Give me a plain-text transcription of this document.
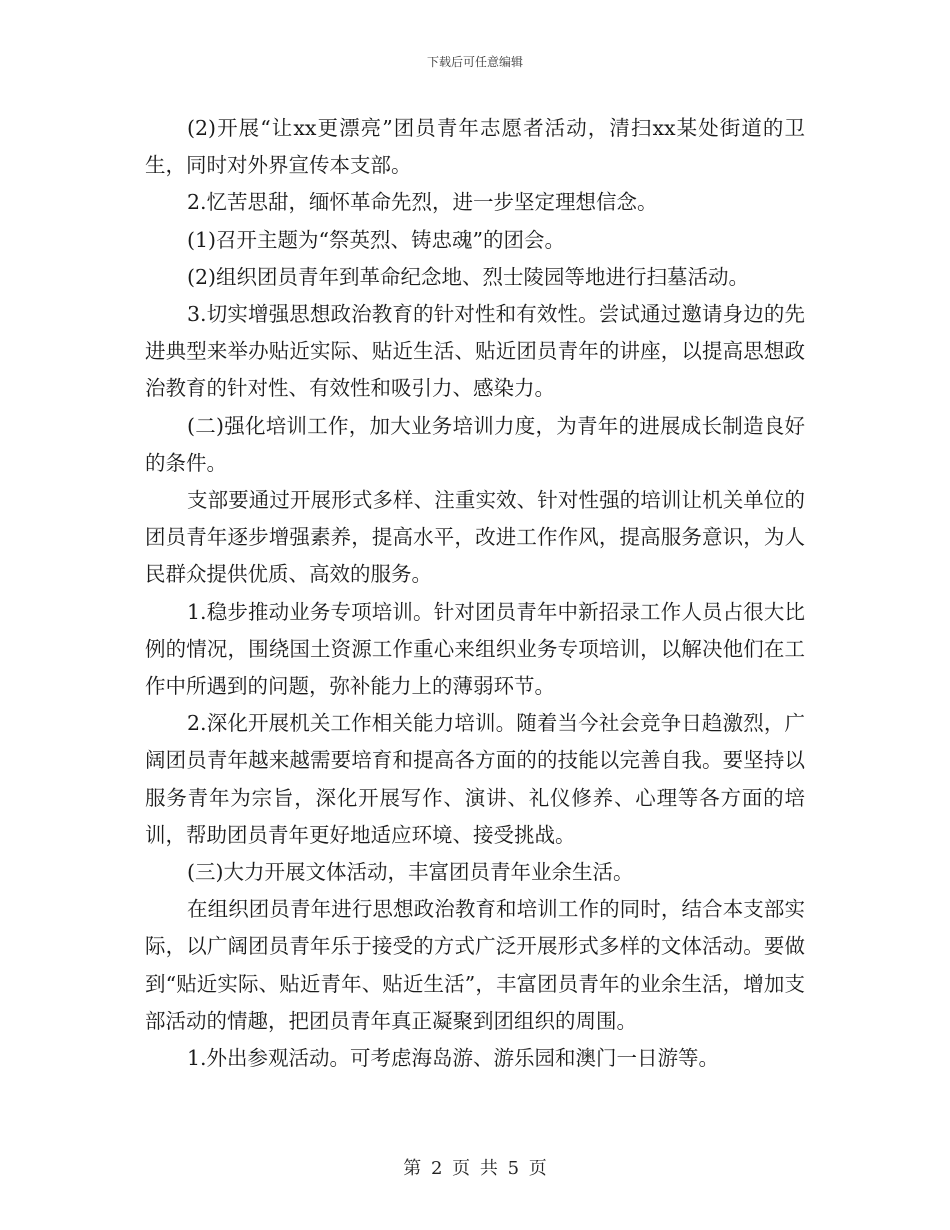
下载后可任意编辑

(2)开展“让xx更漂亮”团员青年志愿者活动，清扫xx某处街道的卫生，同时对外界宣传本支部。

2.忆苦思甜，缅怀革命先烈，进一步坚定理想信念。

(1)召开主题为“祭英烈、铸忠魂”的团会。

(2)组织团员青年到革命纪念地、烈士陵园等地进行扫墓活动。

3.切实增强思想政治教育的针对性和有效性。尝试通过邀请身边的先进典型来举办贴近实际、贴近生活、贴近团员青年的讲座，以提高思想政治教育的针对性、有效性和吸引力、感染力。

(二)强化培训工作，加大业务培训力度，为青年的进展成长制造良好的条件。

支部要通过开展形式多样、注重实效、针对性强的培训让机关单位的团员青年逐步增强素养，提高水平，改进工作作风，提高服务意识，为人民群众提供优质、高效的服务。

1.稳步推动业务专项培训。针对团员青年中新招录工作人员占很大比例的情况，围绕国土资源工作重心来组织业务专项培训，以解决他们在工作中所遇到的问题，弥补能力上的薄弱环节。

2.深化开展机关工作相关能力培训。随着当今社会竞争日趋激烈，广阔团员青年越来越需要培育和提高各方面的的技能以完善自我。要坚持以服务青年为宗旨，深化开展写作、演讲、礼仪修养、心理等各方面的培训，帮助团员青年更好地适应环境、接受挑战。

(三)大力开展文体活动，丰富团员青年业余生活。

在组织团员青年进行思想政治教育和培训工作的同时，结合本支部实际，以广阔团员青年乐于接受的方式广泛开展形式多样的文体活动。要做到“贴近实际、贴近青年、贴近生活”，丰富团员青年的业余生活，增加支部活动的情趣，把团员青年真正凝聚到团组织的周围。

1.外出参观活动。可考虑海岛游、游乐园和澳门一日游等。

第 2 页 共 5 页
